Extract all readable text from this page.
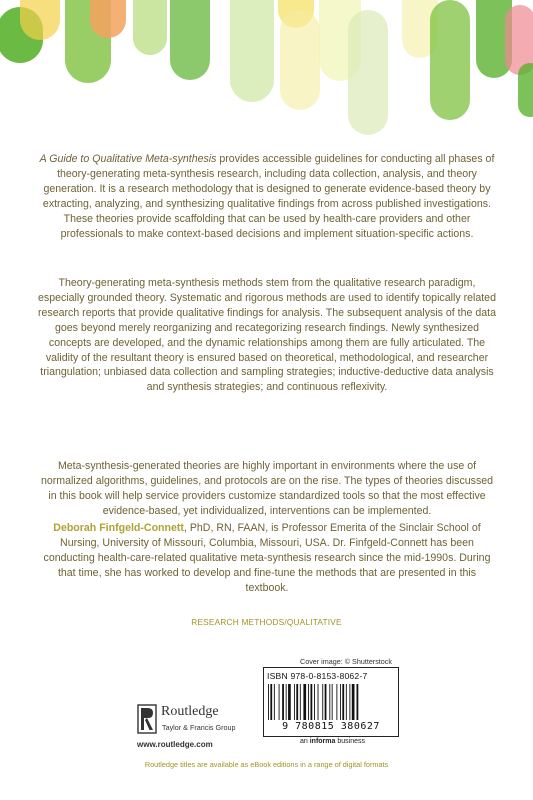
A Guide to Qualitative Meta-synthesis provides accessible guidelines for conducting all phases of theory-generating meta-synthesis research, including data collection, analysis, and theory generation. It is a research methodology that is designed to generate evidence-based theory by extracting, analyzing, and synthesizing qualitative findings from across published investigations. These theories provide scaffolding that can be used by health-care providers and other professionals to make context-based decisions and implement situation-specific actions.

Theory-generating meta-synthesis methods stem from the qualitative research paradigm, especially grounded theory. Systematic and rigorous methods are used to identify topically related research reports that provide qualitative findings for analysis. The subsequent analysis of the data goes beyond merely reorganizing and recategorizing research findings. Newly synthesized concepts are developed, and the dynamic relationships among them are fully articulated. The validity of the resultant theory is ensured based on theoretical, methodological, and researcher triangulation; unbiased data collection and sampling strategies; inductive-deductive data analysis and synthesis strategies; and continuous reflexivity.

Meta-synthesis-generated theories are highly important in environments where the use of normalized algorithms, guidelines, and protocols are on the rise. The types of theories discussed in this book will help service providers customize standardized tools so that the most effective evidence-based, yet individualized, interventions can be implemented.

Deborah Finfgeld-Connett, PhD, RN, FAAN, is Professor Emerita of the Sinclair School of Nursing, University of Missouri, Columbia, Missouri, USA. Dr. Finfgeld-Connett has been conducting health-care-related qualitative meta-synthesis research since the mid-1990s. During that time, she has worked to develop and fine-tune the methods that are presented in this textbook.

RESEARCH METHODS/QUALITATIVE
Cover image: © Shutterstock
ISBN 978-0-8153-8062-7
9 780815 380627
an informa business
Routledge
Taylor & Francis Group
www.routledge.com
Routledge titles are available as eBook editions in a range of digital formats
